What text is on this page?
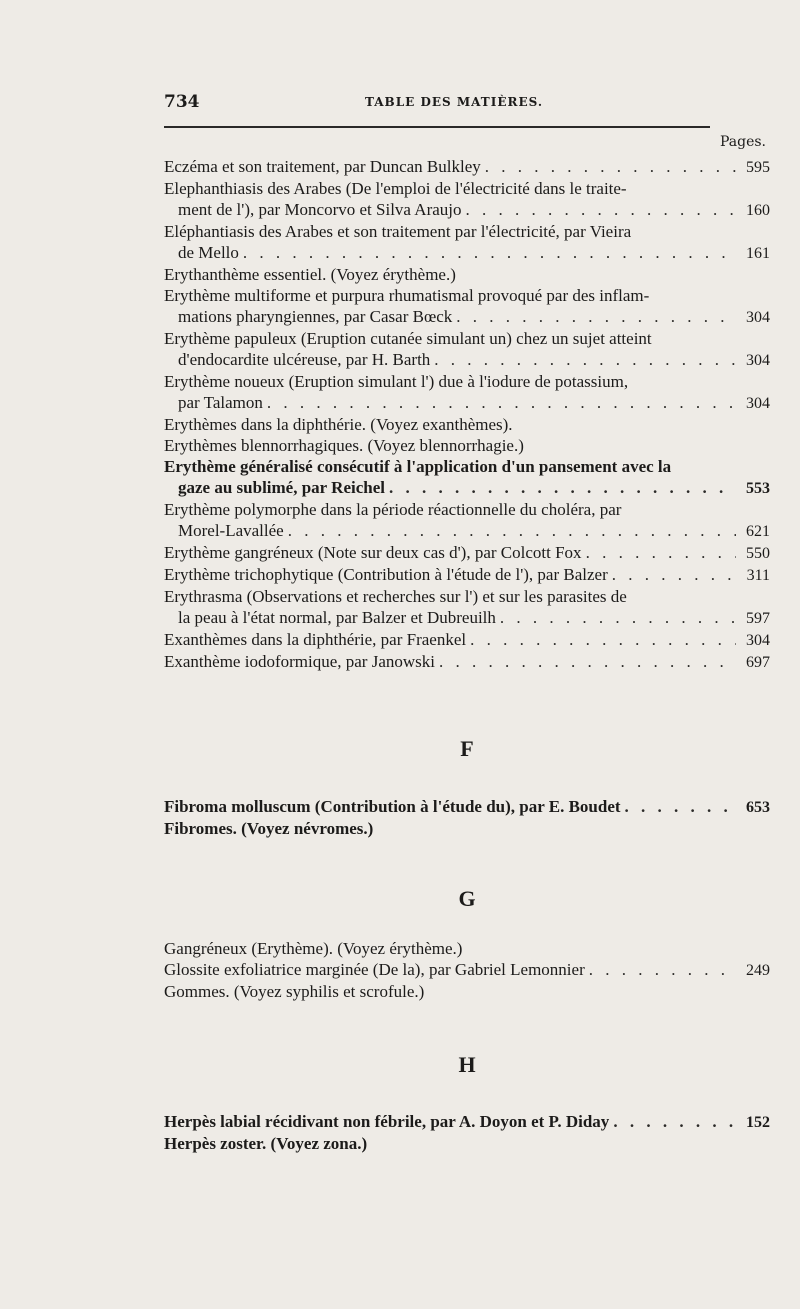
734	TABLE DES MATIÈRES.
Pages.
Eczéma et son traitement, par Duncan Bulkley . . .	595
Elephanthiasis des Arabes (De l'emploi de l'électricité dans le traite-
ment de l'), par Moncorvo et Silva Araujo . . .	160
Eléphantiasis des Arabes et son traitement par l'électricité, par Vieira
de Mello . . .	161
Erythanthème essentiel. (Voyez érythème.)
Erythème multiforme et purpura rhumatismal provoqué par des inflam-
mations pharyngiennes, par Casar Bœck . . .	304
Erythème papuleux (Eruption cutanée simulant un) chez un sujet atteint
d'endocardite ulcéreuse, par H. Barth . . .	304
Erythème noueux (Eruption simulant l') due à l'iodure de potassium,
par Talamon . . .	304
Erythèmes dans la diphthérie. (Voyez exanthèmes).
Erythèmes blennorrhagiques. (Voyez blennorrhagie.)
Erythème généralisé consécutif à l'application d'un pansement avec la
gaze au sublimé, par Reichel . . .	553
Erythème polymorphe dans la période réactionnelle du choléra, par
Morel-Lavallée . . .	621
Erythème gangréneux (Note sur deux cas d'), par Colcott Fox . . .	550
Erythème trichophytique (Contribution à l'étude de l'), par Balzer . . .	311
Erythrasma (Observations et recherches sur l') et sur les parasites de
la peau à l'état normal, par Balzer et Dubreuilh . . .	597
Exanthèmes dans la diphthérie, par Fraenkel . . .	304
Exanthème iodoformique, par Janowski . . .	697
F
Fibroma molluscum (Contribution à l'étude du), par E. Boudet . . .	653
Fibromes. (Voyez névromes.)
G
Gangréneux (Erythème). (Voyez érythème.)
Glossite exfoliatrice marginée (De la), par Gabriel Lemonnier . . .	249
Gommes. (Voyez syphilis et scrofule.)
H
Herpès labial récidivant non fébrile, par A. Doyon et P. Diday . . .	152
Herpès zoster. (Voyez zona.)
